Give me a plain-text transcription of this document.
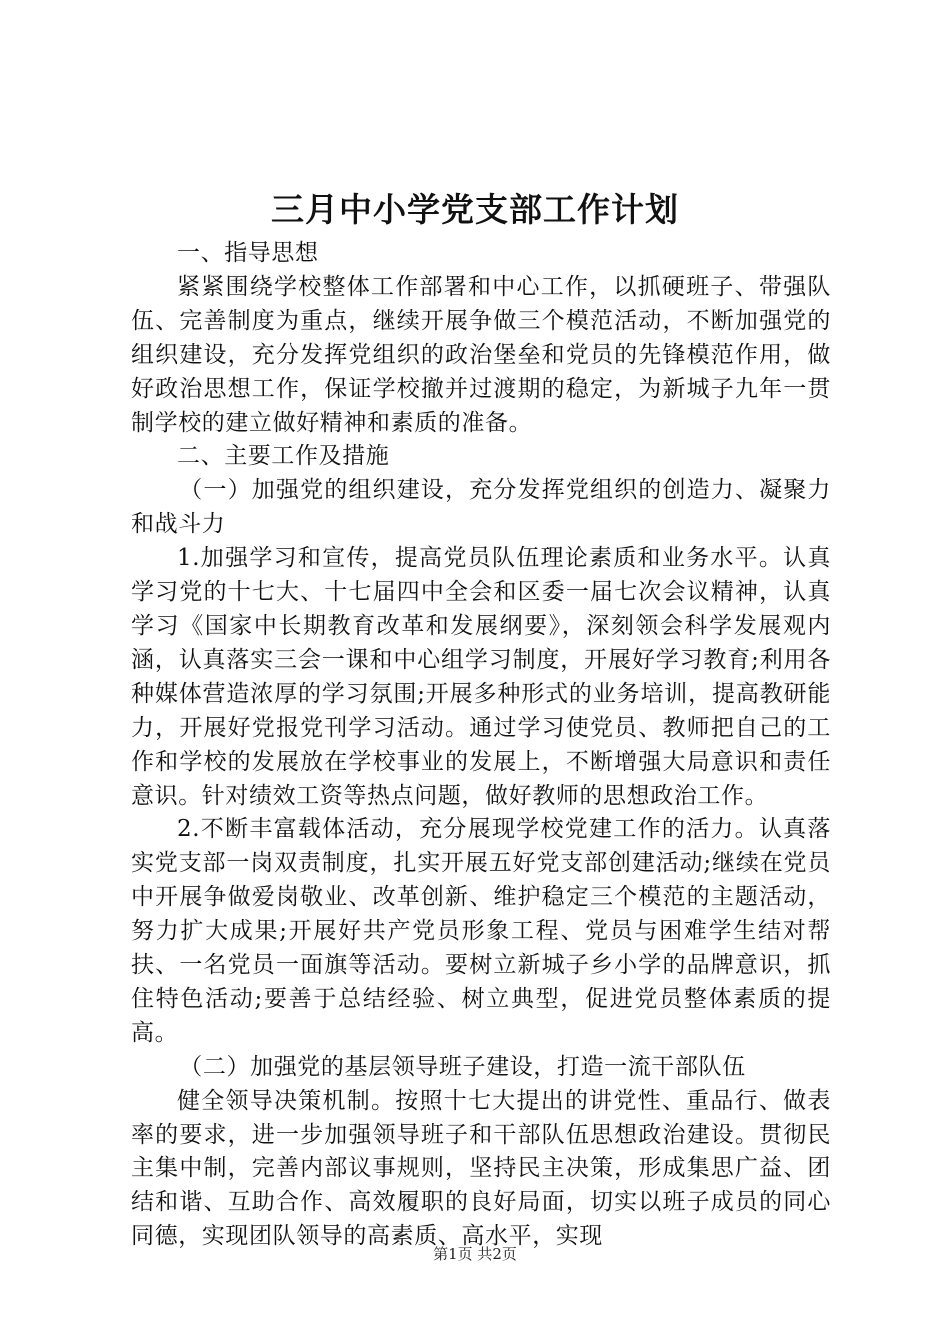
三月中小学党支部工作计划

一、指导思想

紧紧围绕学校整体工作部署和中心工作，以抓硬班子、带强队伍、完善制度为重点，继续开展争做三个模范活动，不断加强党的组织建设，充分发挥党组织的政治堡垒和党员的先锋模范作用，做好政治思想工作，保证学校撤并过渡期的稳定，为新城子九年一贯制学校的建立做好精神和素质的准备。

二、主要工作及措施

（一）加强党的组织建设，充分发挥党组织的创造力、凝聚力和战斗力

1.加强学习和宣传，提高党员队伍理论素质和业务水平。认真学习党的十七大、十七届四中全会和区委一届七次会议精神，认真学习《国家中长期教育改革和发展纲要》，深刻领会科学发展观内涵，认真落实三会一课和中心组学习制度，开展好学习教育;利用各种媒体营造浓厚的学习氛围;开展多种形式的业务培训，提高教研能力，开展好党报党刊学习活动。通过学习使党员、教师把自己的工作和学校的发展放在学校事业的发展上，不断增强大局意识和责任意识。针对绩效工资等热点问题，做好教师的思想政治工作。

2.不断丰富载体活动，充分展现学校党建工作的活力。认真落实党支部一岗双责制度，扎实开展五好党支部创建活动;继续在党员中开展争做爱岗敬业、改革创新、维护稳定三个模范的主题活动，努力扩大成果;开展好共产党员形象工程、党员与困难学生结对帮扶、一名党员一面旗等活动。要树立新城子乡小学的品牌意识，抓住特色活动;要善于总结经验、树立典型，促进党员整体素质的提高。

（二）加强党的基层领导班子建设，打造一流干部队伍

健全领导决策机制。按照十七大提出的讲党性、重品行、做表率的要求，进一步加强领导班子和干部队伍思想政治建设。贯彻民主集中制，完善内部议事规则，坚持民主决策，形成集思广益、团结和谐、互助合作、高效履职的良好局面，切实以班子成员的同心同德，实现团队领导的高素质、高水平，实现

第1页 共2页
